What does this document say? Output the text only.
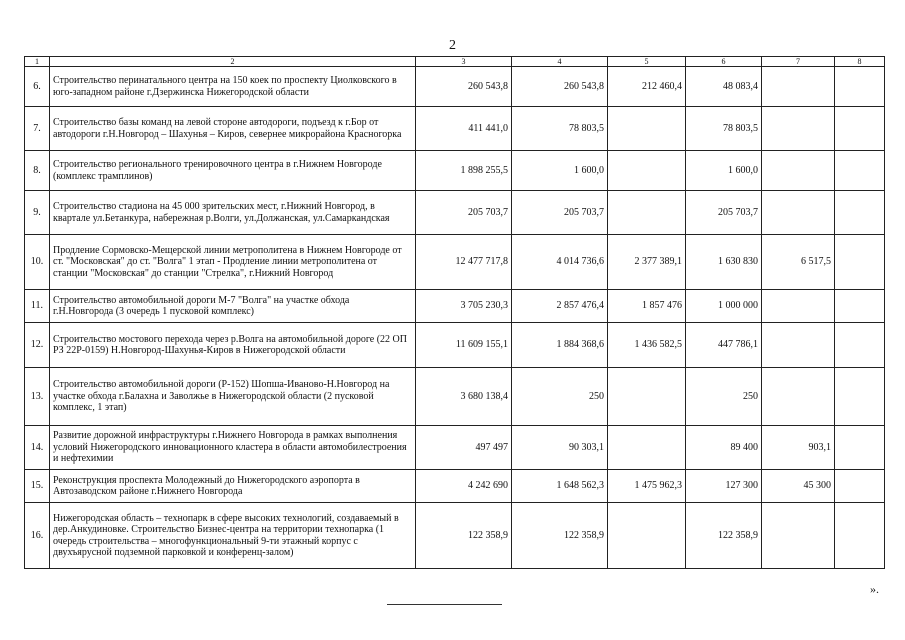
2
1	2	3	4	5	6	7	8
6.	Строительство перинатального центра на 150 коек по проспекту Циолковского в юго-западном районе г.Дзержинска Нижегородской области	260 543,8	260 543,8	212 460,4	48 083,4		
7.	Строительство базы команд на левой стороне автодороги, подъезд к г.Бор от автодороги г.Н.Новгород – Шахунья – Киров, севернее микрорайона Красногорка	411 441,0	78 803,5		78 803,5		
8.	Строительство регионального тренировочного центра в г.Нижнем Новгороде (комплекс трамплинов)	1 898 255,5	1 600,0		1 600,0		
9.	Строительство стадиона на 45 000 зрительских мест, г.Нижний Новгород, в квартале ул.Бетанкура, набережная р.Волги, ул.Должанская, ул.Самаркандская	205 703,7	205 703,7		205 703,7		
10.	Продление Сормовско-Мещерской линии метрополитена в Нижнем Новгороде от ст. "Московская" до ст. "Волга" 1 этап - Продление линии метрополитена от станции "Московская" до станции "Стрелка", г.Нижний Новгород	12 477 717,8	4 014 736,6	2 377 389,1	1 630 830	6 517,5	
11.	Строительство автомобильной дороги М-7 "Волга" на участке обхода г.Н.Новгорода (3 очередь 1 пусковой комплекс)	3 705 230,3	2 857 476,4	1 857 476	1 000 000		
12.	Строительство мостового перехода через р.Волга на автомобильной дороге (22 ОП РЗ 22Р-0159) Н.Новгород-Шахунья-Киров в Нижегородской области	11 609 155,1	1 884 368,6	1 436 582,5	447 786,1		
13.	Строительство автомобильной дороги (Р-152) Шопша-Иваново-Н.Новгород на участке обхода г.Балахна и Заволжье в Нижегородской области (2 пусковой комплекс, 1 этап)	3 680 138,4	250		250		
14.	Развитие дорожной инфраструктуры г.Нижнего Новгорода в рамках выполнения условий Нижегородского инновационного кластера в области автомобилестроения и нефтехимии	497 497	90 303,1		89 400	903,1	
15.	Реконструкция проспекта Молодежный до Нижегородского аэропорта в Автозаводском районе г.Нижнего Новгорода	4 242 690	1 648 562,3	1 475 962,3	127 300	45 300	
16.	Нижегородская область – технопарк в сфере высоких технологий, создаваемый в дер.Анкудиновке. Строительство Бизнес-центра на территории технопарка (1 очередь строительства – многофункциональный 9-ти этажный корпус с двухъярусной подземной парковкой и конференц-залом)	122 358,9	122 358,9		122 358,9		
».
